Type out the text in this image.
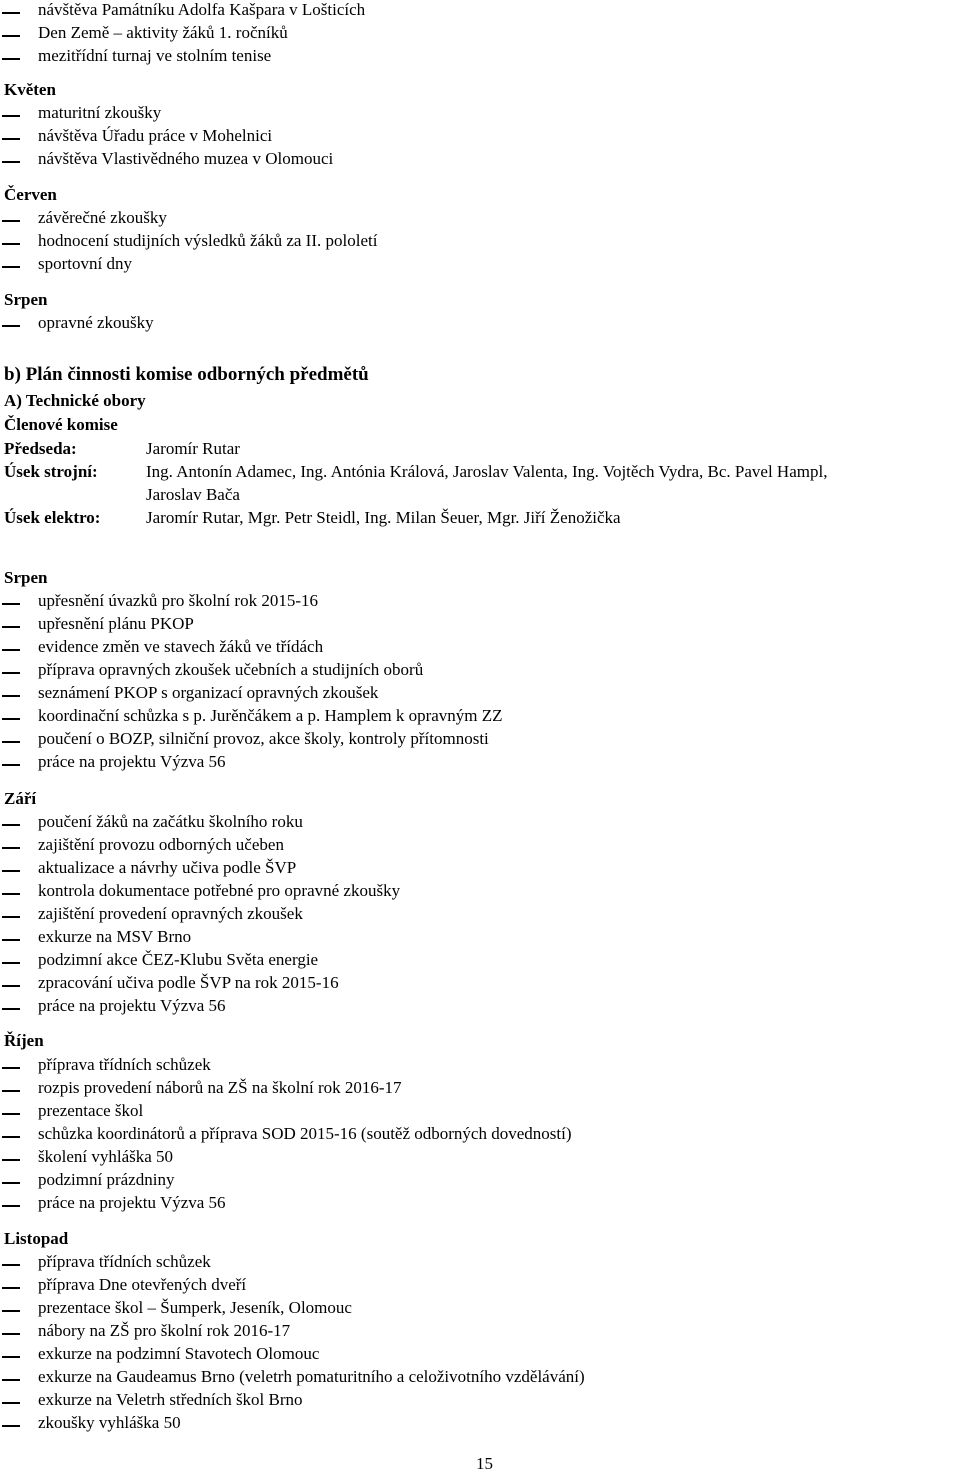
návštěva Památníku Adolfa Kašpara v Lošticích
Den Země – aktivity žáků 1. ročníků
mezitřídní turnaj ve stolním tenise
Květen
maturitní zkoušky
návštěva Úřadu práce v Mohelnici
návštěva Vlastivědného muzea v Olomouci
Červen
závěrečné zkoušky
hodnocení studijních výsledků žáků za II. pololetí
sportovní dny
Srpen
opravné zkoušky
b) Plán činnosti komise odborných předmětů
A) Technické obory
Členové komise
Předseda:	Jaromír Rutar
Úsek strojní:	Ing. Antonín Adamec, Ing. Antónia Králová, Jaroslav Valenta, Ing. Vojtěch Vydra, Bc. Pavel Hampl,
Jaroslav Bača
Úsek elektro:	Jaromír Rutar, Mgr. Petr Steidl, Ing. Milan Šeuer, Mgr. Jiří Ženožička
Srpen
upřesnění úvazků pro školní rok 2015-16
upřesnění plánu PKOP
evidence změn ve stavech žáků ve třídách
příprava opravných zkoušek učebních a studijních oborů
seznámení PKOP s organizací opravných zkoušek
koordinační schůzka s p. Jurěnčákem a p. Hamplem k opravným ZZ
poučení o BOZP, silniční provoz, akce školy, kontroly přítomnosti
práce na projektu Výzva 56
Září
poučení žáků na začátku školního roku
zajištění provozu odborných učeben
aktualizace a návrhy učiva podle ŠVP
kontrola dokumentace potřebné pro opravné zkoušky
zajištění provedení opravných zkoušek
exkurze na MSV Brno
podzimní akce ČEZ-Klubu Světa energie
zpracování učiva podle ŠVP na rok 2015-16
práce na projektu Výzva 56
Říjen
příprava třídních schůzek
rozpis provedení náborů na ZŠ na školní rok 2016-17
prezentace škol
schůzka koordinátorů a příprava SOD 2015-16 (soutěž odborných dovedností)
školení vyhláška 50
podzimní prázdniny
práce na projektu Výzva 56
Listopad
příprava třídních schůzek
příprava Dne otevřených dveří
prezentace škol – Šumperk, Jeseník, Olomouc
nábory na ZŠ pro školní rok 2016-17
exkurze na podzimní Stavotech Olomouc
exkurze na Gaudeamus Brno (veletrh pomaturitního a celoživotního vzdělávání)
exkurze na Veletrh středních škol Brno
zkoušky vyhláška 50
15
